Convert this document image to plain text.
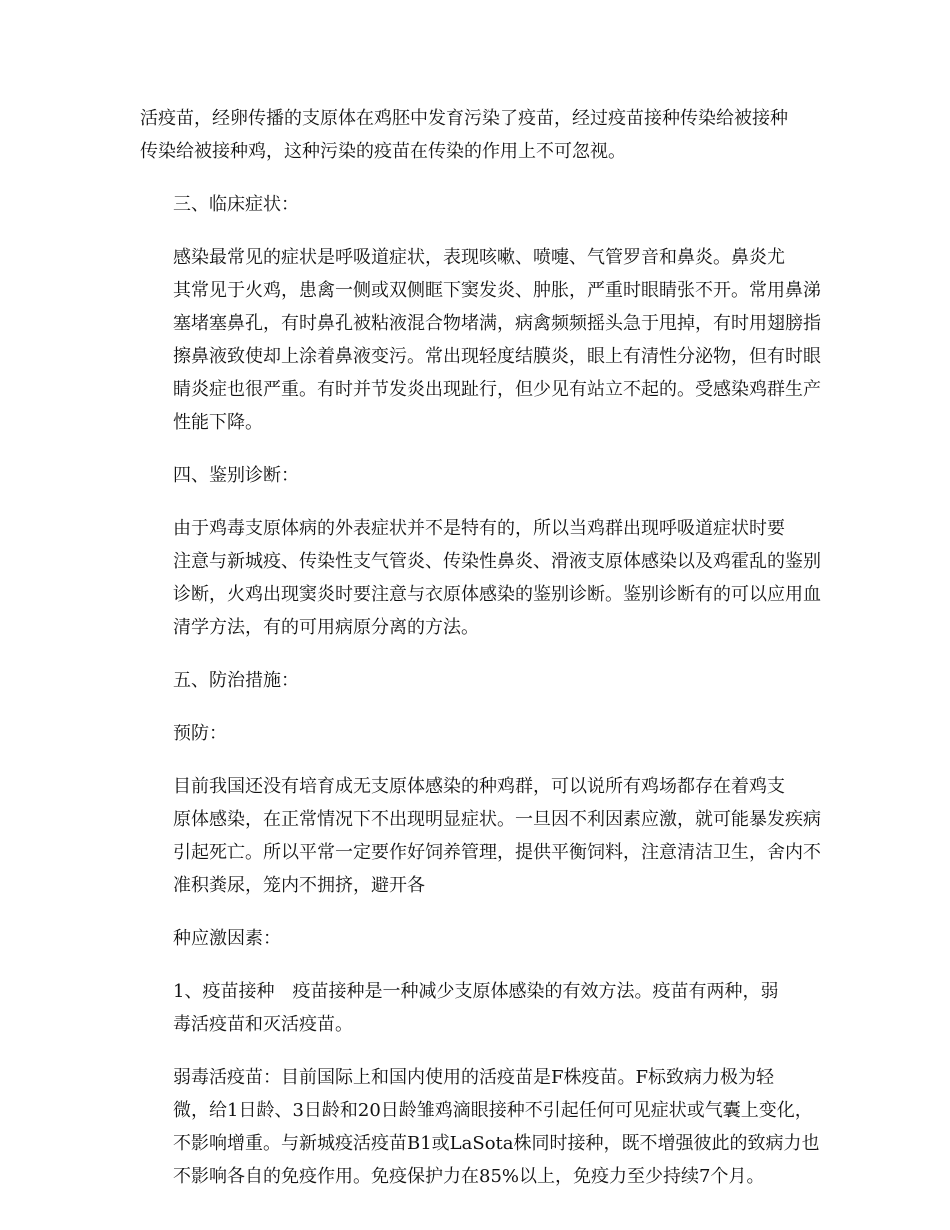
活疫苗，经卵传播的支原体在鸡胚中发育污染了疫苗，经过疫苗接种传染给被接种
传染给被接种鸡，这种污染的疫苗在传染的作用上不可忽视。
三、临床症状：
感染最常见的症状是呼吸道症状，表现咳嗽、喷嚏、气管罗音和鼻炎。鼻炎尤
其常见于火鸡，患禽一侧或双侧眶下窦发炎、肿胀，严重时眼睛张不开。常用鼻涕
塞堵塞鼻孔，有时鼻孔被粘液混合物堵满，病禽频频摇头急于甩掉，有时用翅膀指
擦鼻液致使却上涂着鼻液变污。常出现轻度结膜炎，眼上有清性分泌物，但有时眼
睛炎症也很严重。有时并节发炎出现趾行，但少见有站立不起的。受感染鸡群生产
性能下降。
四、鉴别诊断：
由于鸡毒支原体病的外表症状并不是特有的，所以当鸡群出现呼吸道症状时要
注意与新城疫、传染性支气管炎、传染性鼻炎、滑液支原体感染以及鸡霍乱的鉴别
诊断，火鸡出现窦炎时要注意与衣原体感染的鉴别诊断。鉴别诊断有的可以应用血
清学方法，有的可用病原分离的方法。
五、防治措施：
预防：
目前我国还没有培育成无支原体感染的种鸡群，可以说所有鸡场都存在着鸡支
原体感染，在正常情况下不出现明显症状。一旦因不利因素应激，就可能暴发疾病
引起死亡。所以平常一定要作好饲养管理，提供平衡饲料，注意清洁卫生，舍内不
准积粪尿，笼内不拥挤，避开各
种应激因素：
1、疫苗接种　疫苗接种是一种减少支原体感染的有效方法。疫苗有两种，弱
毒活疫苗和灭活疫苗。
弱毒活疫苗：目前国际上和国内使用的活疫苗是F株疫苗。F标致病力极为轻
微，给1日龄、3日龄和20日龄雏鸡滴眼接种不引起任何可见症状或气囊上变化，
不影响增重。与新城疫活疫苗B1或LaSota株同时接种，既不增强彼此的致病力也
不影响各自的免疫作用。免疫保护力在85%以上，免疫力至少持续7个月。
